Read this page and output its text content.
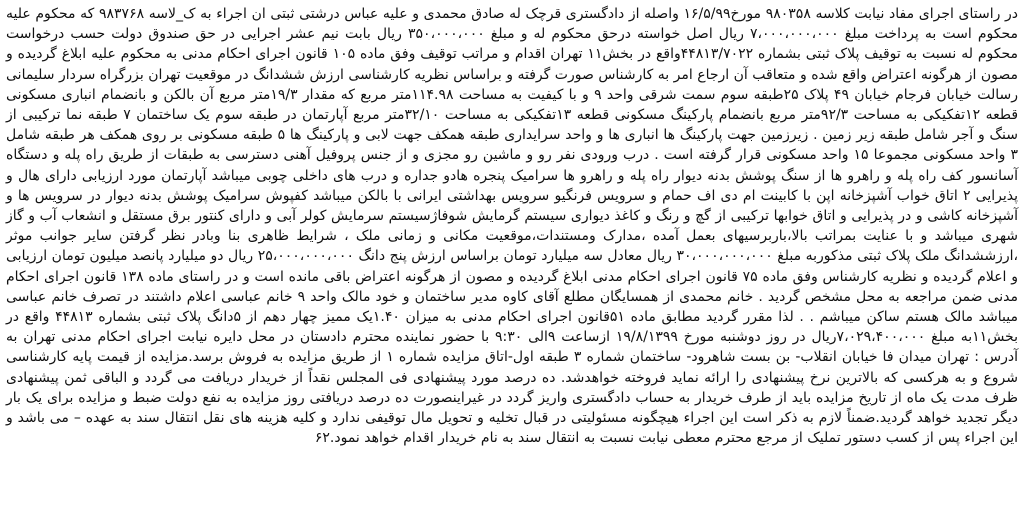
در راستای اجرای مفاد نیابت کلاسه ۹۸۰۳۵۸ مورخ۱۶/۵/۹۹ واصله از دادگستری قرچک له صادق محمدی و علیه عباس درشتی ثبتی ان اجراء به ک_لاسه ۹۸۳۷۶۸ که محکوم علیه محکوم است به پرداخت مبلغ ۷،۰۰۰،۰۰۰،۰۰۰ ریال اصل خواسته درحق محکوم له و مبلغ ۳۵۰،۰۰۰،۰۰۰ ریال بابت نیم عشر اجرایی در حق صندوق دولت حسب درخواست محکوم له نسبت به توقیف پلاک ثبتی بشماره ۴۴۸۱۳/۷۰۲۲واقع در بخش۱۱ تهران اقدام و مراتب توقیف وفق ماده ۱۰۵ قانون اجرای احکام مدنی به محکوم علیه ابلاغ گردیده و مصون از هرگونه اعتراض واقع شده و متعاقب آن ارجاع امر به کارشناس صورت گرفته و براساس نظریه کارشناسی ارزش ششدانگ در موقعیت تهران بزرگراه سردار سلیمانی رسالت خیابان فرجام خیابان ۴۹ پلاک ۲۵طبقه سوم سمت شرقی واحد ۹ و با کیفیت به مساحت ۱۱۴.۹۸متر مربع که مقدار ۱۹/۳متر مربع آن بالکن و بانضمام انباری مسکونی قطعه ۱۲تفکیکی به مساحت ۹۲/۳متر مربع بانضمام پارکینگ مسکونی قطعه ۱۳تفکیکی به مساحت ۳۲/۱۰متر مربع آپارتمان در طبقه سوم یک ساختمان ۷ طبقه نما ترکیبی از سنگ و آجر شامل طبقه زیر زمین . زیرزمین جهت پارکینگ ها انباری ها و واحد سرایداری طبقه همکف جهت لابی و پارکینگ ها ۵ طبقه مسکونی بر روی همکف هر طبقه شامل ۳ واحد مسکونی مجموعا ۱۵ واحد مسکونی قرار گرفته است . درب ورودی نفر رو و ماشین رو مجزی و از جنس پروفیل آهنی دسترسی به طبقات از طریق راه پله و دستگاه آسانسور کف راه پله و راهرو ها از سنگ پوشش بدنه دیوار راه پله و راهرو ها سرامیک پنجره هادو جداره و درب های داخلی چوبی میباشد آپارتمان مورد ارزیابی دارای هال و پذیرایی ۲ اتاق خواب آشپزخانه اپن با کابینت ام دی اف حمام و سرویس فرنگیو سرویس بهداشتی ایرانی با بالکن میباشد کفپوش سرامیک پوشش بدنه دیوار در سرویس ها و آشپزخانه کاشی و در پذیرایی و اتاق خوابها ترکیبی از گچ و رنگ و کاغذ دیواری سیستم گرمایش شوفاژسیستم سرمایش کولر آبی و دارای کنتور برق مستقل و انشعاب آب و گاز شهری میباشد و با عنایت بمراتب بالا،باربرسیهای بعمل آمده ،مدارک ومستندات،موقعیت مکانی و زمانی ملک ، شرایط ظاهری بنا وبادر نظر گرفتن سایر جوانب موثر ،ارزششدانگ ملک پلاک ثبتی مذکوربه مبلغ ۳۰،۰۰۰،۰۰۰،۰۰۰ ریال معادل سه میلیارد تومان براساس ارزش پنج دانگ ۲۵،۰۰۰،۰۰۰،۰۰۰ ریال دو میلیارد پانصد میلیون تومان ارزیابی و اعلام گردیده و نظریه کارشناس وفق ماده ۷۵ قانون اجرای احکام مدنی ابلاغ گردیده و مصون از هرگونه اعتراض باقی مانده است و در راستای ماده ۱۳۸ قانون اجرای احکام مدنی ضمن مراجعه به محل مشخص گردید . خانم محمدی از همسایگان مطلع آقای کاوه مدیر ساختمان و خود مالک واحد ۹ خانم عباسی اعلام داشتند در تصرف خانم عباسی میباشد مالک هستم ساکن میباشم . . لذا مقرر گردید مطابق ماده ۵۱قانون اجرای احکام مدنی به میزان ۱.۴۰یک ممیز چهار دهم از ۵دانگ پلاک ثبتی بشماره ۴۴۸۱۳ واقع در بخش۱۱به مبلغ ۷،۰۲۹،۴۰۰،۰۰۰ریال در روز دوشنبه مورخ ۱۹/۸/۱۳۹۹ ازساعت ۹الی ۹:۳۰ با حضور نماینده محترم دادستان در محل دایره نیابت اجرای احکام مدنی تهران به آدرس : تهران میدان فا خیابان انقلاب- بن بست شاهرود- ساختمان شماره ۳ طبقه اول-اتاق مزایده شماره ۱ از طریق مزایده به فروش برسد.مزایده از قیمت پایه کارشناسی شروع و به هرکسی که بالاترین نرخ پیشنهادی را ارائه نماید فروخته خواهدشد. ده درصد مورد پیشنهادی فی المجلس نقداً از خریدار دریافت می گردد و الباقی ثمن پیشنهادی ظرف مدت یک ماه از تاریخ مزایده باید از طرف خریدار به حساب دادگستری واریز گردد در غیراینصورت ده درصد دریافتی روز مزایده به نفع دولت ضبط و مزایده برای یک بار دیگر تجدید خواهد گردید.ضمناً لازم به ذکر است این اجراء هیچگونه مسئولیتی در قبال تخلیه و تحویل مال توقیفی ندارد و کلیه هزینه های نقل انتقال سند به عهده – می باشد و این اجراء پس از کسب دستور تملیک از مرجع محترم معطی نیابت نسبت به انتقال سند به نام خریدار اقدام خواهد نمود.۶۲
